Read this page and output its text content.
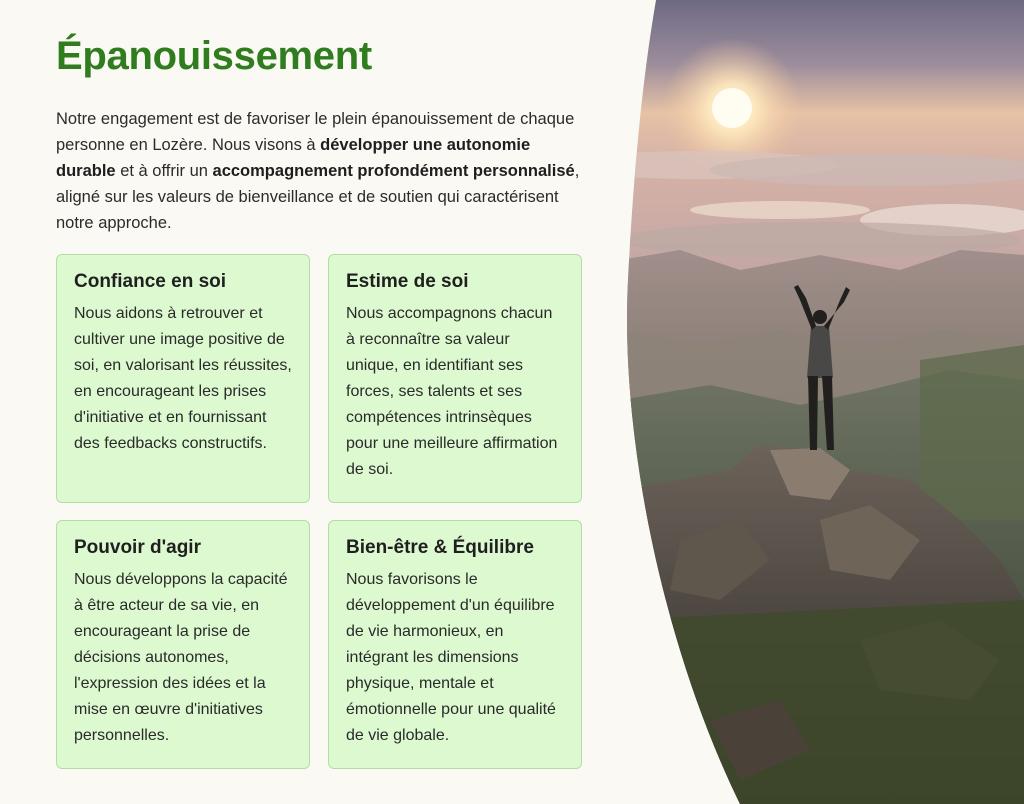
Épanouissement

Notre engagement est de favoriser le plein épanouissement de chaque personne en Lozère. Nous visons à développer une autonomie durable et à offrir un accompagnement profondément personnalisé, aligné sur les valeurs de bienveillance et de soutien qui caractérisent notre approche.

Confiance en soi

Nous aidons à retrouver et cultiver une image positive de soi, en valorisant les réussites, en encourageant les prises d'initiative et en fournissant des feedbacks constructifs.

Estime de soi

Nous accompagnons chacun à reconnaître sa valeur unique, en identifiant ses forces, ses talents et ses compétences intrinsèques pour une meilleure affirmation de soi.

Pouvoir d'agir

Nous développons la capacité à être acteur de sa vie, en encourageant la prise de décisions autonomes, l'expression des idées et la mise en œuvre d'initiatives personnelles.

Bien-être & Équilibre

Nous favorisons le développement d'un équilibre de vie harmonieux, en intégrant les dimensions physique, mentale et émotionnelle pour une qualité de vie globale.
